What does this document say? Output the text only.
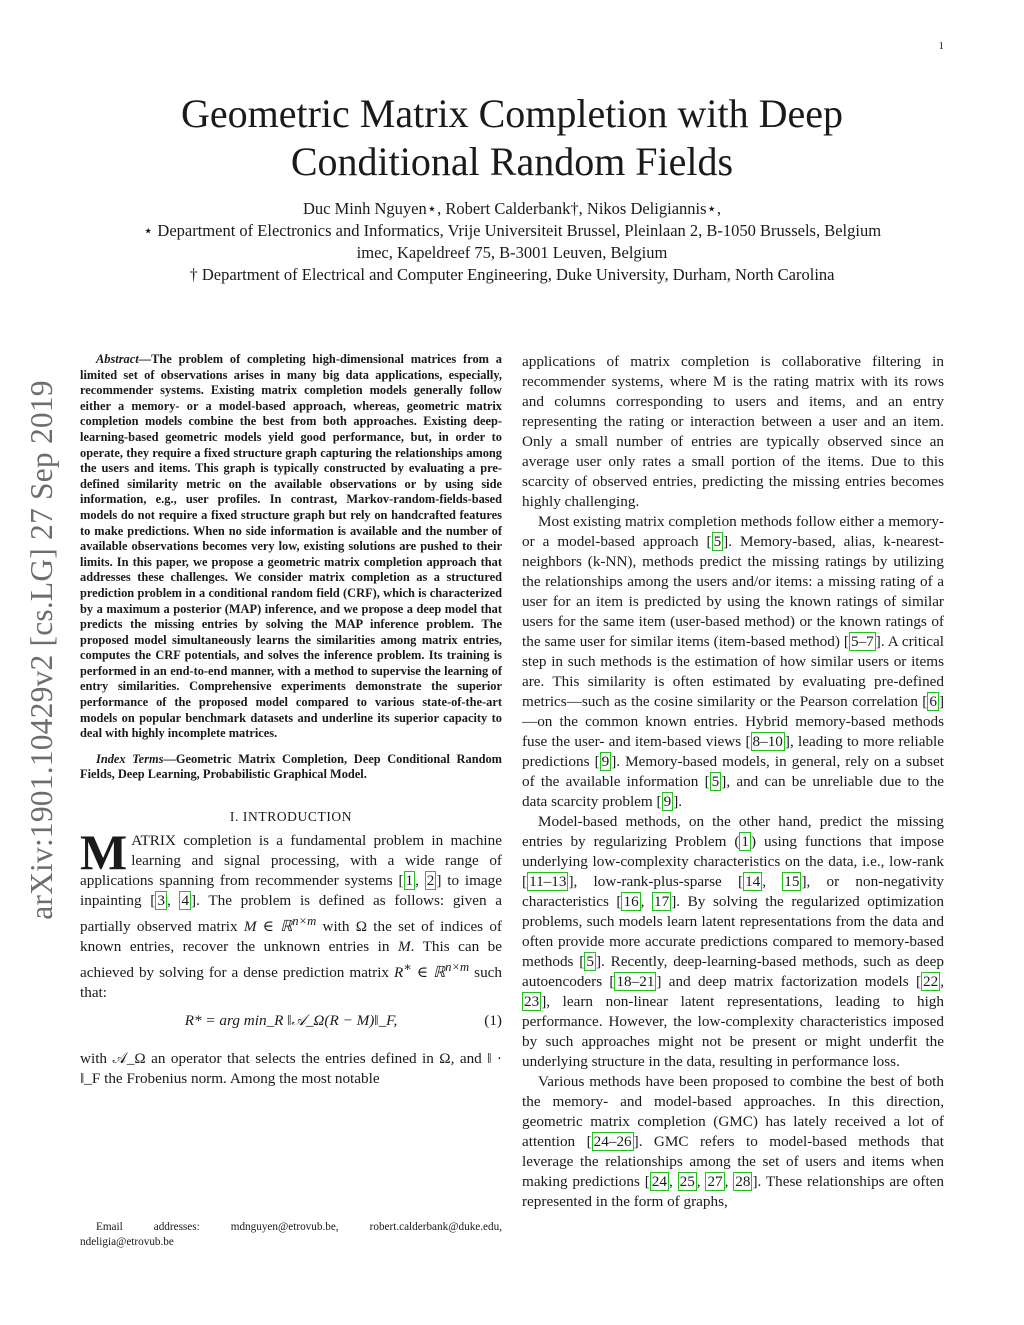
1
arXiv:1901.10429v2 [cs.LG] 27 Sep 2019
Geometric Matrix Completion with Deep Conditional Random Fields
Duc Minh Nguyen⋆, Robert Calderbank†, Nikos Deligiannis⋆,
⋆ Department of Electronics and Informatics, Vrije Universiteit Brussel, Pleinlaan 2, B-1050 Brussels, Belgium
imec, Kapeldreef 75, B-3001 Leuven, Belgium
† Department of Electrical and Computer Engineering, Duke University, Durham, North Carolina

Abstract—The problem of completing high-dimensional matrices from a limited set of observations arises in many big data applications, especially, recommender systems. Existing matrix completion models generally follow either a memory- or a model-based approach, whereas, geometric matrix completion models combine the best from both approaches. Existing deep-learning-based geometric models yield good performance, but, in order to operate, they require a fixed structure graph capturing the relationships among the users and items. This graph is typically constructed by evaluating a pre-defined similarity metric on the available observations or by using side information, e.g., user profiles. In contrast, Markov-random-fields-based models do not require a fixed structure graph but rely on handcrafted features to make predictions. When no side information is available and the number of available observations becomes very low, existing solutions are pushed to their limits. In this paper, we propose a geometric matrix completion approach that addresses these challenges. We consider matrix completion as a structured prediction problem in a conditional random field (CRF), which is characterized by a maximum a posterior (MAP) inference, and we propose a deep model that predicts the missing entries by solving the MAP inference problem. The proposed model simultaneously learns the similarities among matrix entries, computes the CRF potentials, and solves the inference problem. Its training is performed in an end-to-end manner, with a method to supervise the learning of entry similarities. Comprehensive experiments demonstrate the superior performance of the proposed model compared to various state-of-the-art models on popular benchmark datasets and underline its superior capacity to deal with highly incomplete matrices.

Index Terms—Geometric Matrix Completion, Deep Conditional Random Fields, Deep Learning, Probabilistic Graphical Model.

I. INTRODUCTION

MATRIX completion is a fundamental problem in machine learning and signal processing, with a wide range of applications spanning from recommender systems [ 1 , 2 ] to image inpainting [ 3 , 4 ]. The problem is defined as follows: given a partially observed matrix M ∈ ℝ$^{n\times m}$ with Ω the set of indices of known entries, recover the unknown entries in M. This can be achieved by solving for a dense prediction matrix R∗ ∈ ℝ$^{n\times m}$ such that:

R* = arg min_R ‖𝒜_Ω(R − M)‖_F,	(1)

with 𝒜_Ω an operator that selects the entries defined in Ω, and ‖ · ‖_F the Frobenius norm. Among the most notable

Email addresses: mdnguyen@etrovub.be, robert.calderbank@duke.edu, ndeligia@etrovub.be

applications of matrix completion is collaborative filtering in recommender systems, where M is the rating matrix with its rows and columns corresponding to users and items, and an entry representing the rating or interaction between a user and an item. Only a small number of entries are typically observed since an average user only rates a small portion of the items. Due to this scarcity of observed entries, predicting the missing entries becomes highly challenging.

Most existing matrix completion methods follow either a memory- or a model-based approach [ 5 ]. Memory-based, alias, k-nearest-neighbors (k-NN), methods predict the missing ratings by utilizing the relationships among the users and/or items: a missing rating of a user for an item is predicted by using the known ratings of similar users for the same item (user-based method) or the known ratings of the same user for similar items (item-based method) [ 5–7 ]. A critical step in such methods is the estimation of how similar users or items are. This similarity is often estimated by evaluating pre-defined metrics—such as the cosine similarity or the Pearson correlation [ 6 ]—on the common known entries. Hybrid memory-based methods fuse the user- and item-based views [ 8–10 ], leading to more reliable predictions [ 9 ]. Memory-based models, in general, rely on a subset of the available information [ 5 ], and can be unreliable due to the data scarcity problem [ 9 ].

Model-based methods, on the other hand, predict the missing entries by regularizing Problem ( 1 ) using functions that impose underlying low-complexity characteristics on the data, i.e., low-rank [ 11–13 ], low-rank-plus-sparse [ 14 , 15 ], or non-negativity characteristics [ 16 , 17 ]. By solving the regularized optimization problems, such models learn latent representations from the data and often provide more accurate predictions compared to memory-based methods [ 5 ]. Recently, deep-learning-based methods, such as deep autoencoders [ 18–21 ] and deep matrix factorization models [ 22 , 23 ], learn non-linear latent representations, leading to high performance. However, the low-complexity characteristics imposed by such approaches might not be present or might underfit the underlying structure in the data, resulting in performance loss.

Various methods have been proposed to combine the best of both the memory- and model-based approaches. In this direction, geometric matrix completion (GMC) has lately received a lot of attention [ 24–26 ]. GMC refers to model-based methods that leverage the relationships among the set of users and items when making predictions [ 24 , 25 , 27 , 28 ]. These relationships are often represented in the form of graphs,
